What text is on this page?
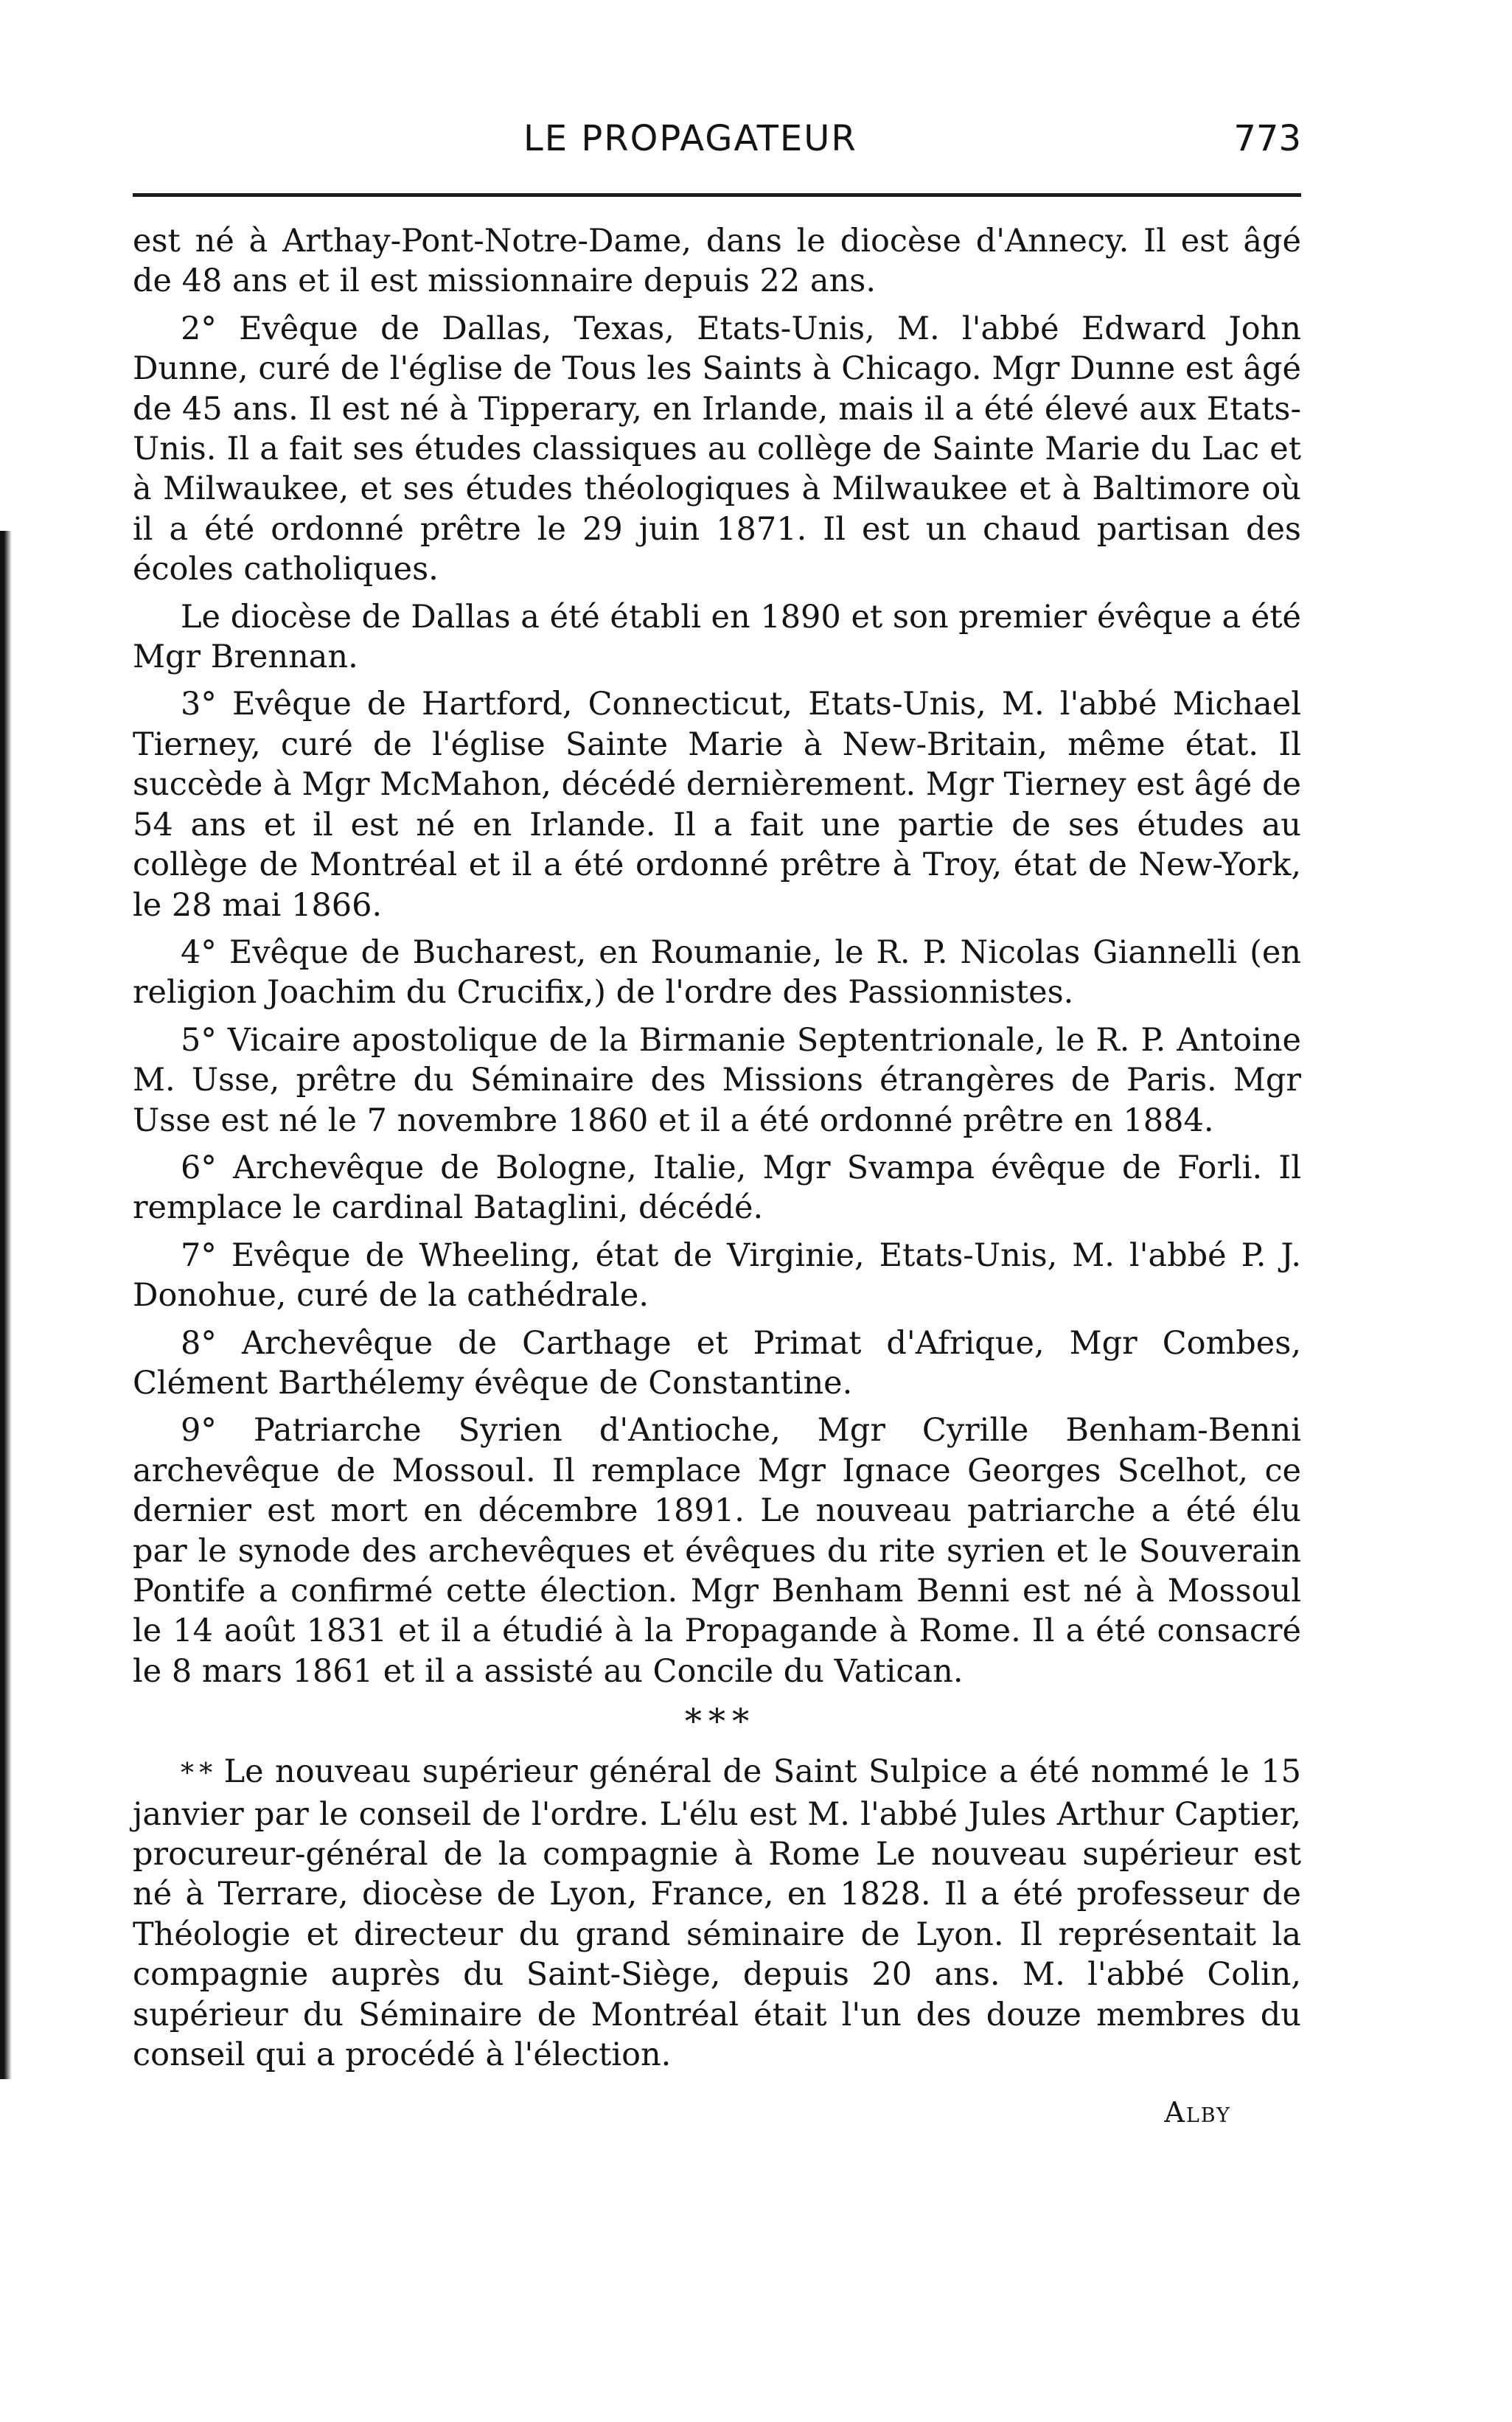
LE PROPAGATEUR	773

est né à Arthay-Pont-Notre-Dame, dans le diocèse d'Annecy. Il est âgé de 48 ans et il est missionnaire depuis 22 ans.

2° Evêque de Dallas, Texas, Etats-Unis, M. l'abbé Edward John Dunne, curé de l'église de Tous les Saints à Chicago. Mgr Dunne est âgé de 45 ans. Il est né à Tipperary, en Irlande, mais il a été élevé aux Etats-Unis. Il a fait ses études classiques au collège de Sainte Marie du Lac et à Milwaukee, et ses études théologiques à Milwaukee et à Baltimore où il a été ordonné prêtre le 29 juin 1871. Il est un chaud partisan des écoles catholiques.

Le diocèse de Dallas a été établi en 1890 et son premier évêque a été Mgr Brennan.

3° Evêque de Hartford, Connecticut, Etats-Unis, M. l'abbé Michael Tierney, curé de l'église Sainte Marie à New-Britain, même état. Il succède à Mgr McMahon, décédé dernièrement. Mgr Tierney est âgé de 54 ans et il est né en Irlande. Il a fait une partie de ses études au collège de Montréal et il a été ordonné prêtre à Troy, état de New-York, le 28 mai 1866.

4° Evêque de Bucharest, en Roumanie, le R. P. Nicolas Giannelli (en religion Joachim du Crucifix,) de l'ordre des Passionnistes.

5° Vicaire apostolique de la Birmanie Septentrionale, le R. P. Antoine M. Usse, prêtre du Séminaire des Missions étrangères de Paris. Mgr Usse est né le 7 novembre 1860 et il a été ordonné prêtre en 1884.

6° Archevêque de Bologne, Italie, Mgr Svampa évêque de Forli. Il remplace le cardinal Bataglini, décédé.

7° Evêque de Wheeling, état de Virginie, Etats-Unis, M. l'abbé P. J. Donohue, curé de la cathédrale.

8° Archevêque de Carthage et Primat d'Afrique, Mgr Combes, Clément Barthélemy évêque de Constantine.

9° Patriarche Syrien d'Antioche, Mgr Cyrille Benham-Benni archevêque de Mossoul. Il remplace Mgr Ignace Georges Scelhot, ce dernier est mort en décembre 1891. Le nouveau patriarche a été élu par le synode des archevêques et évêques du rite syrien et le Souverain Pontife a confirmé cette élection. Mgr Benham Benni est né à Mossoul le 14 août 1831 et il a étudié à la Propagande à Rome. Il a été consacré le 8 mars 1861 et il a assisté au Concile du Vatican.

* * *

* * Le nouveau supérieur général de Saint Sulpice a été nommé le 15 janvier par le conseil de l'ordre. L'élu est M. l'abbé Jules Arthur Captier, procureur-général de la compagnie à Rome Le nouveau supérieur est né à Terrare, diocèse de Lyon, France, en 1828. Il a été professeur de Théologie et directeur du grand séminaire de Lyon. Il représentait la compagnie auprès du Saint-Siège, depuis 20 ans. M. l'abbé Colin, supérieur du Séminaire de Montréal était l'un des douze membres du conseil qui a procédé à l'élection.

Alby
